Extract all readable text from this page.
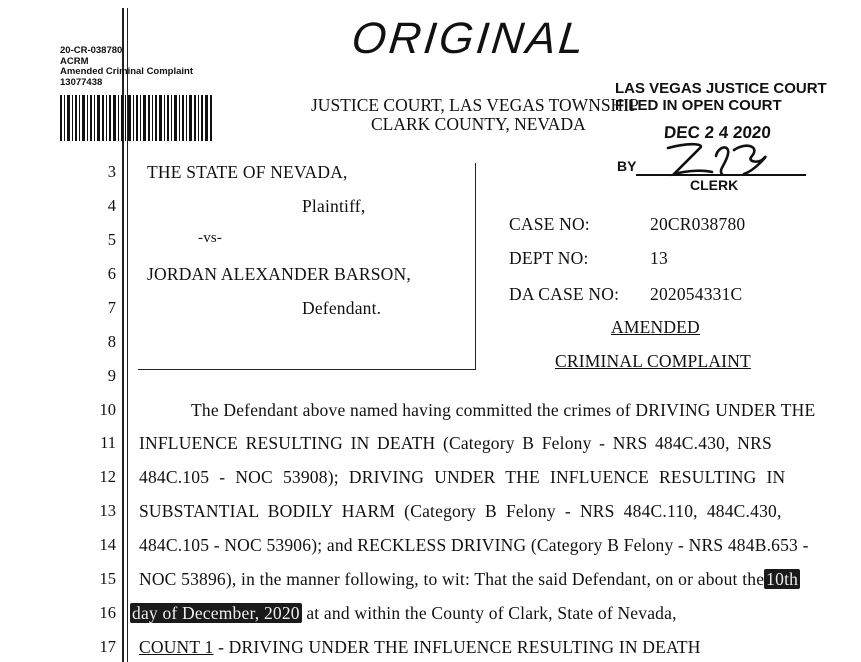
20-CR-038780
ACRM
Amended Criminal Complaint
13077438
ORIGINAL
JUSTICE COURT, LAS VEGAS TOWNSHIP
CLARK COUNTY, NEVADA
LAS VEGAS JUSTICE COURT
FILED IN OPEN COURT
DEC 2 4 2020
BY
CLERK
3
4
5
6
7
8
9
10
11
12
13
14
15
16
17
THE STATE OF NEVADA,
Plaintiff,
-vs-
JORDAN ALEXANDER BARSON,
Defendant.
CASE NO:	20CR038780
DEPT NO:	13
DA CASE NO: 202054331C
AMENDED
CRIMINAL COMPLAINT
The Defendant above named having committed the crimes of DRIVING UNDER THE
INFLUENCE RESULTING IN DEATH (Category B Felony - NRS 484C.430, NRS
484C.105 - NOC 53908); DRIVING UNDER THE INFLUENCE RESULTING IN
SUBSTANTIAL BODILY HARM (Category B Felony - NRS 484C.110, 484C.430,
484C.105 - NOC 53906); and RECKLESS DRIVING (Category B Felony - NRS 484B.653 -
NOC 53896), in the manner following, to wit: That the said Defendant, on or about the 10th
day of December, 2020 at and within the County of Clark, State of Nevada,
COUNT 1 - DRIVING UNDER THE INFLUENCE RESULTING IN DEATH
